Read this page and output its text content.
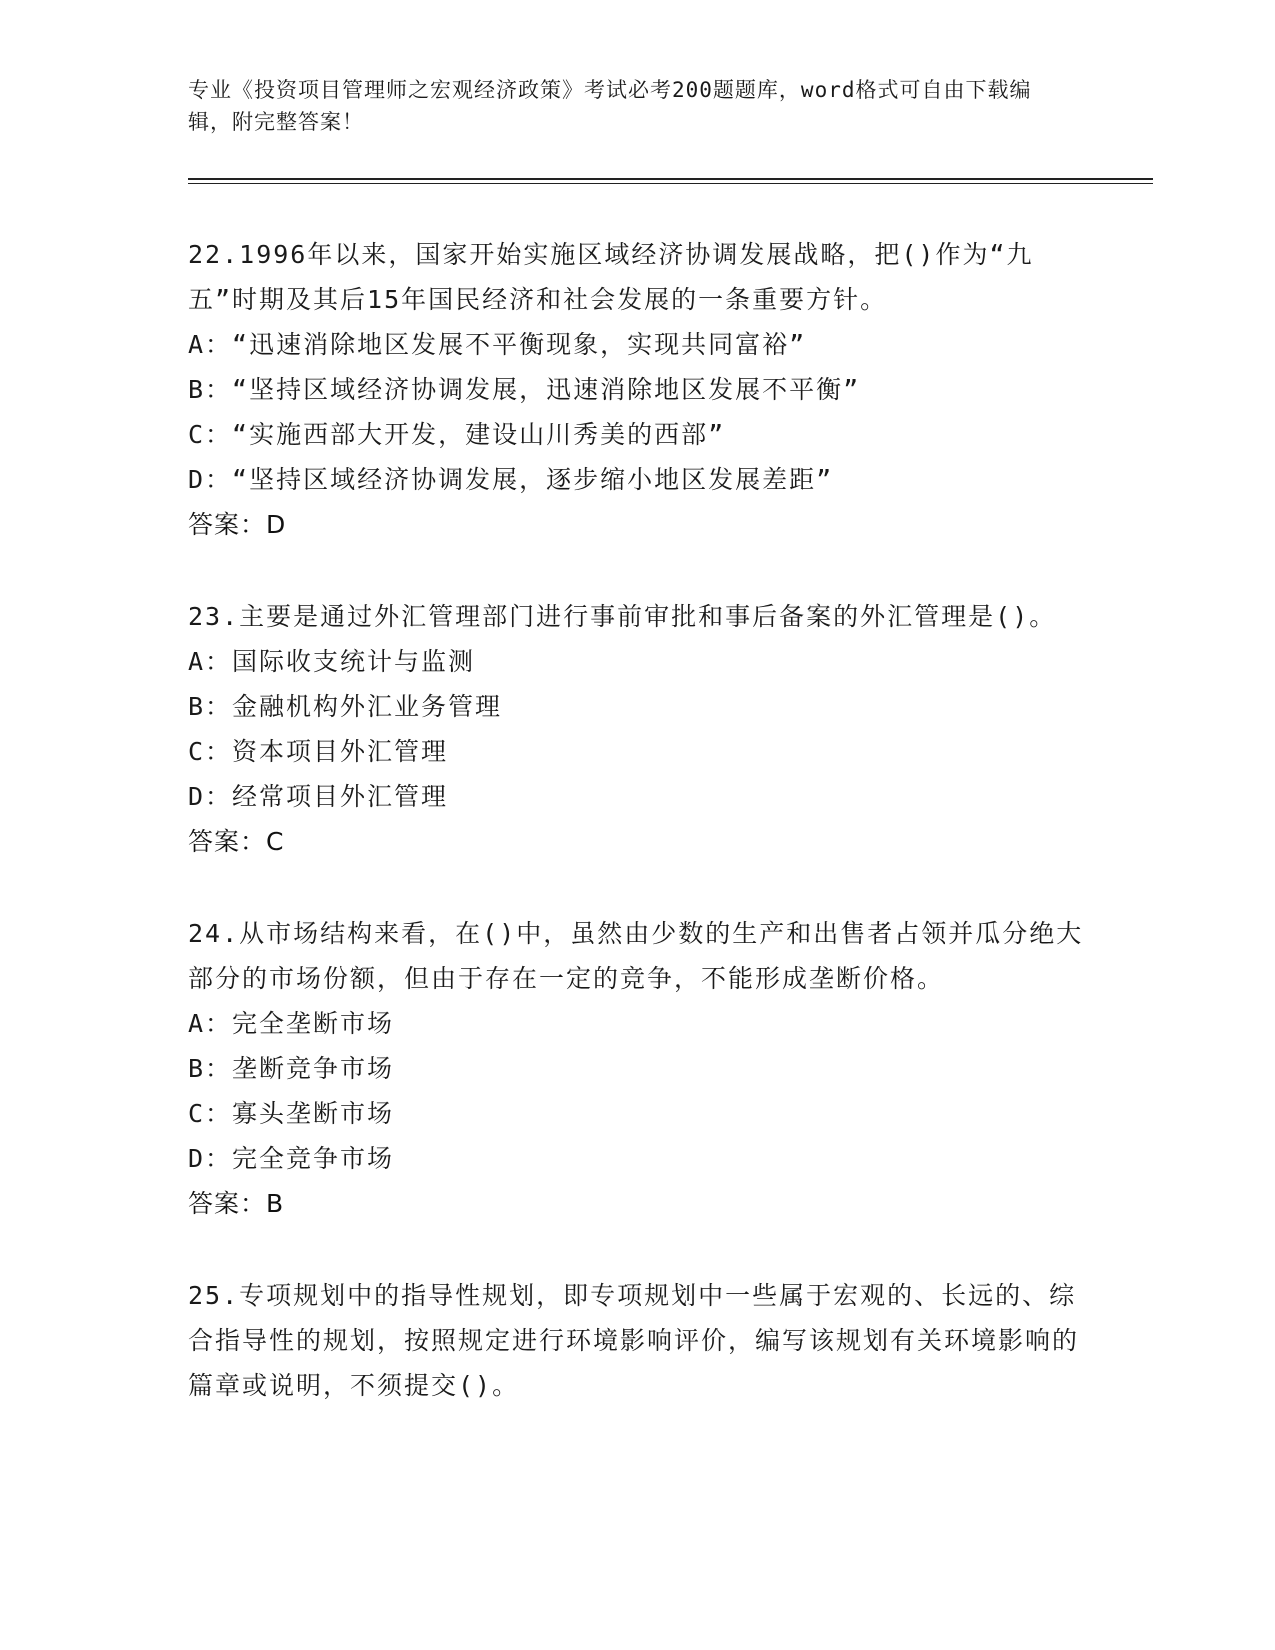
专业《投资项目管理师之宏观经济政策》考试必考200题题库，word格式可自由下载编辑，附完整答案！

22.1996年以来，国家开始实施区域经济协调发展战略，把()作为“九五”时期及其后15年国民经济和社会发展的一条重要方针。

A：“迅速消除地区发展不平衡现象，实现共同富裕”

B：“坚持区域经济协调发展，迅速消除地区发展不平衡”

C：“实施西部大开发，建设山川秀美的西部”

D：“坚持区域经济协调发展，逐步缩小地区发展差距”

答案：D

23.主要是通过外汇管理部门进行事前审批和事后备案的外汇管理是()。

A：国际收支统计与监测

B：金融机构外汇业务管理

C：资本项目外汇管理

D：经常项目外汇管理

答案：C

24.从市场结构来看，在()中，虽然由少数的生产和出售者占领并瓜分绝大部分的市场份额，但由于存在一定的竞争，不能形成垄断价格。

A：完全垄断市场

B：垄断竞争市场

C：寡头垄断市场

D：完全竞争市场

答案：B

25.专项规划中的指导性规划，即专项规划中一些属于宏观的、长远的、综合指导性的规划，按照规定进行环境影响评价，编写该规划有关环境影响的篇章或说明，不须提交()。
